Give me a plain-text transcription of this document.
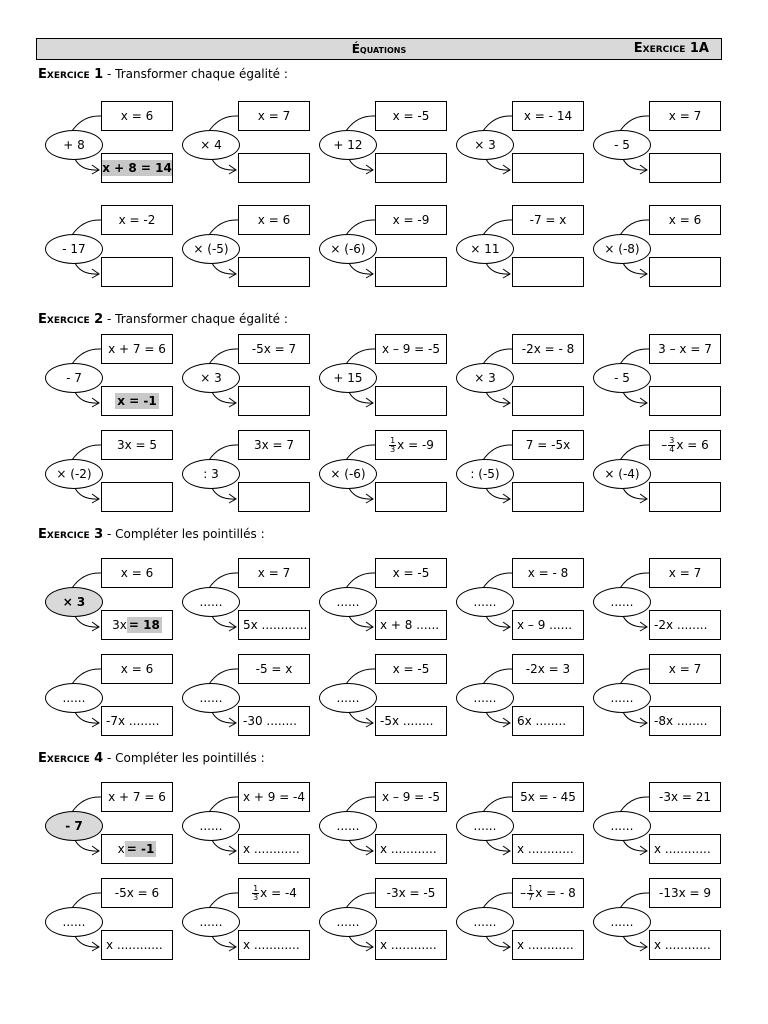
Équations	Exercice 1A
Exercice 1 - Transformer chaque égalité :
Exercice 2 - Transformer chaque égalité :
Exercice 3 - Compléter les pointillés :
Exercice 4 - Compléter les pointillés :
x = 6
+ 8
x + 8 = 14
x = 7
× 4
x = -5
+ 12
x = - 14
× 3
x = 7
- 5
x = -2
- 17
x = 6
× (-5)
x = -9
× (-6)
-7 = x
× 11
x = 6
× (-8)
x + 7 = 6
- 7
x = -1
-5x = 7
× 3
x – 9 = -5
+ 15
-2x = - 8
× 3
3 – x = 7
- 5
3x = 5
× (-2)
3x = 7
: 3
$\frac{1}{3}$ x = -9
× (-6)
7 = -5x
: (-5)
– $\frac{3}{4}$ x = 6
× (-4)
x = 6
× 3
3x = 18
x = 7
......
5x ............
x = -5
......
x + 8 ......
x = - 8
......
x – 9 ......
x = 7
......
-2x ........
x = 6
......
-7x ........
-5 = x
......
-30 ........
x = -5
......
-5x ........
-2x = 3
......
6x ........
x = 7
......
-8x ........
x + 7 = 6
- 7
x = -1
x + 9 = -4
......
x ............
x – 9 = -5
......
x ............
5x = - 45
......
x ............
-3x = 21
......
x ............
-5x = 6
......
x ............
$\frac{1}{3}$ x = -4
......
x ............
-3x = -5
......
x ............
– $\frac{1}{7}$ x = - 8
......
x ............
-13x = 9
......
x ............
